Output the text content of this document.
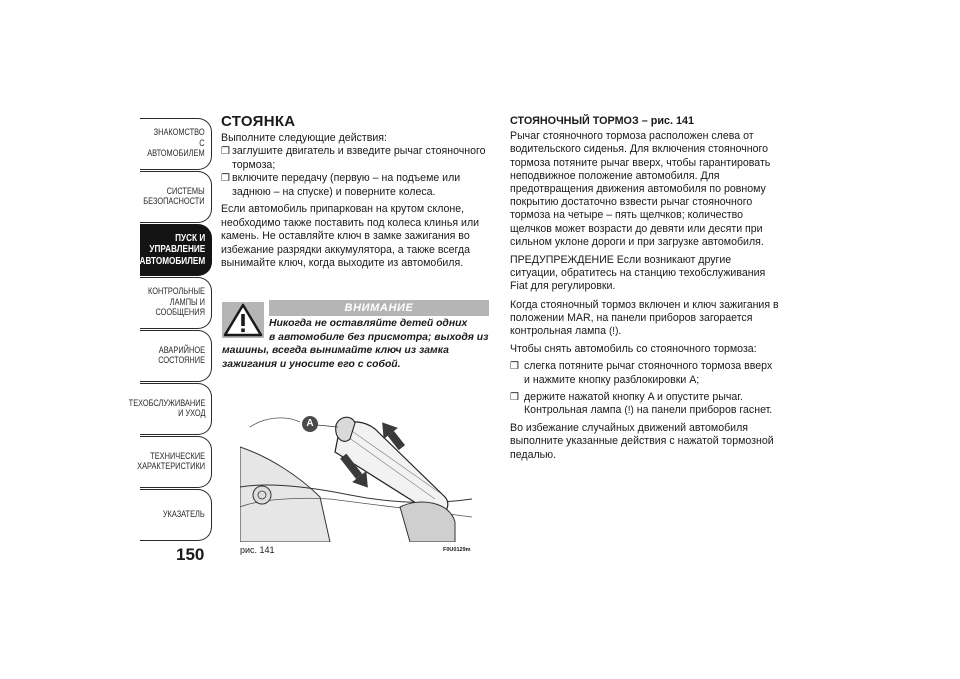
ЗНАКОМСТВО С
АВТОМОБИЛЕМ
СИСТЕМЫ
БЕЗОПАСНОСТИ
ПУСК И
УПРАВЛЕНИЕ
АВТОМОБИЛЕМ
КОНТРОЛЬНЫЕ
ЛАМПЫ И
СООБЩЕНИЯ
АВАРИЙНОЕ
СОСТОЯНИЕ
ТЕХОБСЛУЖИВАНИЕ
И УХОД
ТЕХНИЧЕСКИЕ
ХАРАКТЕРИСТИКИ
УКАЗАТЕЛЬ
150
СТОЯНКА
Выполните следующие действия:
❒ заглушите двигатель и взведите рычаг стояночного тормоза;
❒ включите передачу (первую – на подъеме или заднюю – на спуске) и поверните колеса.

Если автомобиль припаркован на крутом склоне, необходимо также поставить под колеса клинья или камень. Не оставляйте ключ в замке зажигания во избежание разрядки аккумулятора, а также всегда вынимайте ключ, когда выходите из автомобиля.

ВНИМАНИЕ
Никогда не оставляйте детей одних
в автомобиле без присмотра; выходя из
машины, всегда вынимайте ключ из замка зажигания и уносите его с собой.
A
рис. 141	F0U0129m
СТОЯНОЧНЫЙ ТОРМОЗ – рис. 141

Рычаг стояночного тормоза расположен слева от водительского сиденья. Для включения стояночного тормоза потяните рычаг вверх, чтобы гарантировать неподвижное положение автомобиля. Для предотвращения движения автомобиля по ровному покрытию достаточно взвести рычаг стояночного тормоза на четыре – пять щелчков; количество щелчков может возрасти до девяти или десяти при сильном уклоне дороги и при загрузке автомобиля.

ПРЕДУПРЕЖДЕНИЕ Если возникают другие ситуации, обратитесь на станцию техобслуживания Fiat для регулировки.

Когда стояночный тормоз включен и ключ зажигания в положении MAR, на панели приборов загорается контрольная лампа (!).

Чтобы снять автомобиль со стояночного тормоза:

❒ слегка потяните рычаг стояночного тормоза вверх и нажмите кнопку разблокировки A;
❒ держите нажатой кнопку A и опустите рычаг. Контрольная лампа (!) на панели приборов гаснет.

Во избежание случайных движений автомобиля выполните указанные действия с нажатой тормозной педалью.
